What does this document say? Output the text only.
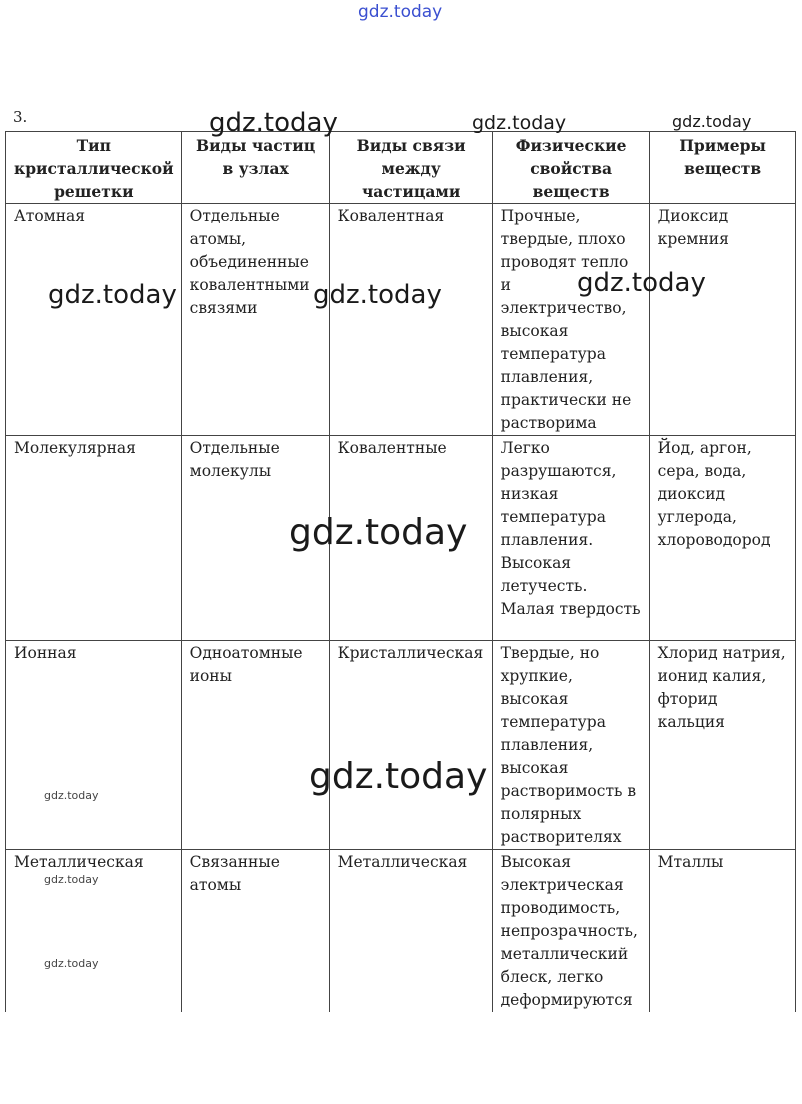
gdz.today
3.
Тип кристаллической решетки	Виды частиц в узлах	Виды связи между частицами	Физические свойства веществ	Примеры веществ
Атомная	Отдельные атомы, объединенные ковалентными связями	Ковалентная	Прочные, твердые, плохо проводят тепло и электричество, высокая температура плавления, практически не растворима	Диоксид кремния
Молекулярная	Отдельные молекулы	Ковалентные	Легко разрушаются, низкая температура плавления. Высокая летучесть. Малая твердость	Йод, аргон, сера, вода, диоксид углерода, хлороводород
Ионная	Одноатомные ионы	Кристаллическая	Твердые, но хрупкие, высокая температура плавления, высокая растворимость в полярных растворителях	Хлорид натрия, ионид калия, фторид кальция
Металлическая	Связанные атомы	Металлическая	Высокая электрическая проводимость, непрозрачность, металлический блеск, легко деформируются	Мталлы
gdz.today	gdz.today	gdz.today
gdz.today	gdz.today	gdz.today
gdz.today
gdz.today
gdz.today
gdz.today
gdz.today
